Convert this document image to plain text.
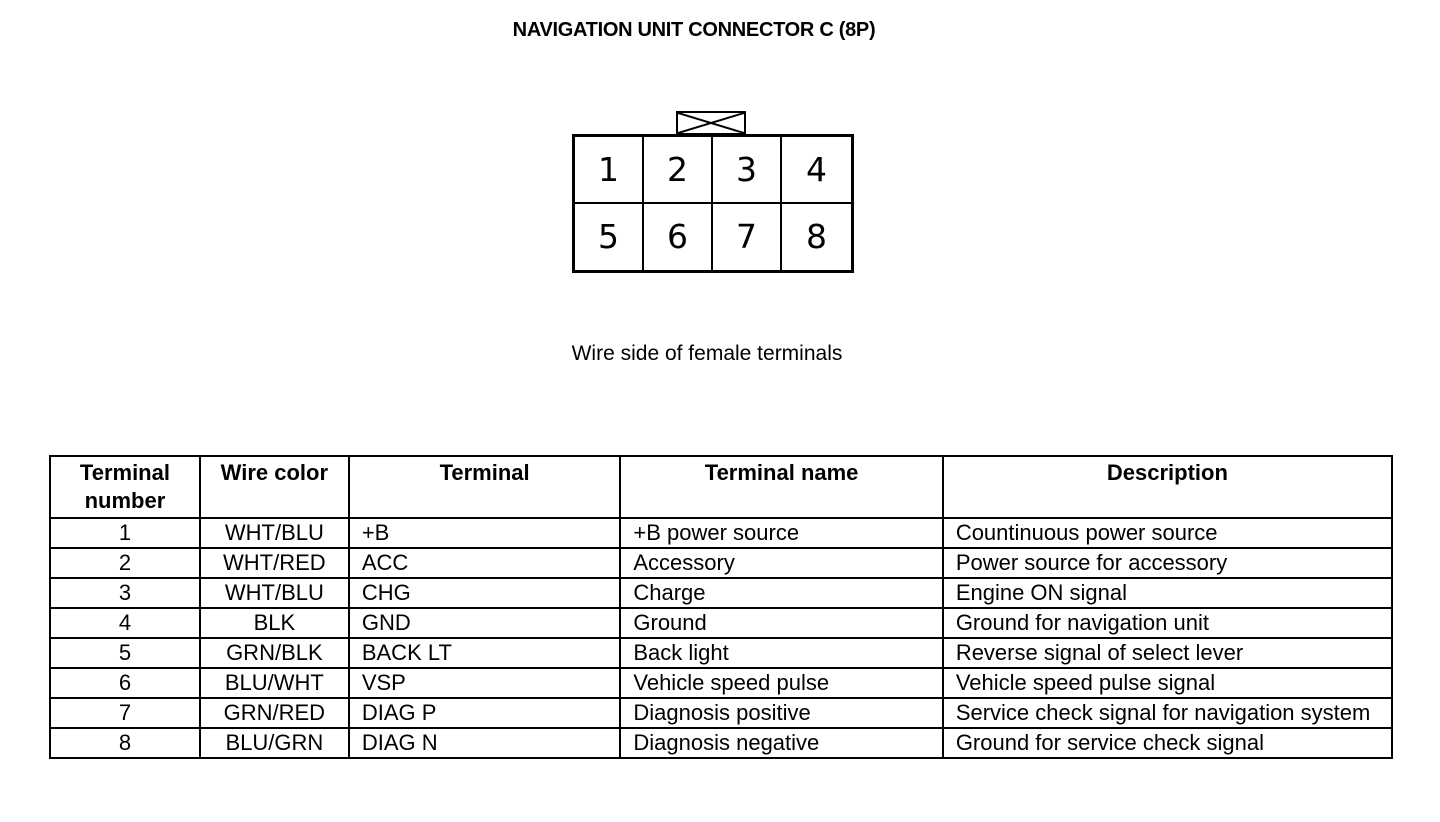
NAVIGATION UNIT CONNECTOR C (8P)
1	2	3	4
5	6	7	8
Wire side of female terminals
Terminal number	Wire color	Terminal	Terminal name	Description
1	WHT/BLU	+B	+B power source	Countinuous power source
2	WHT/RED	ACC	Accessory	Power source for accessory
3	WHT/BLU	CHG	Charge	Engine ON signal
4	BLK	GND	Ground	Ground for navigation unit
5	GRN/BLK	BACK LT	Back light	Reverse signal of select lever
6	BLU/WHT	VSP	Vehicle speed pulse	Vehicle speed pulse signal
7	GRN/RED	DIAG P	Diagnosis positive	Service check signal for navigation system
8	BLU/GRN	DIAG N	Diagnosis negative	Ground for service check signal
